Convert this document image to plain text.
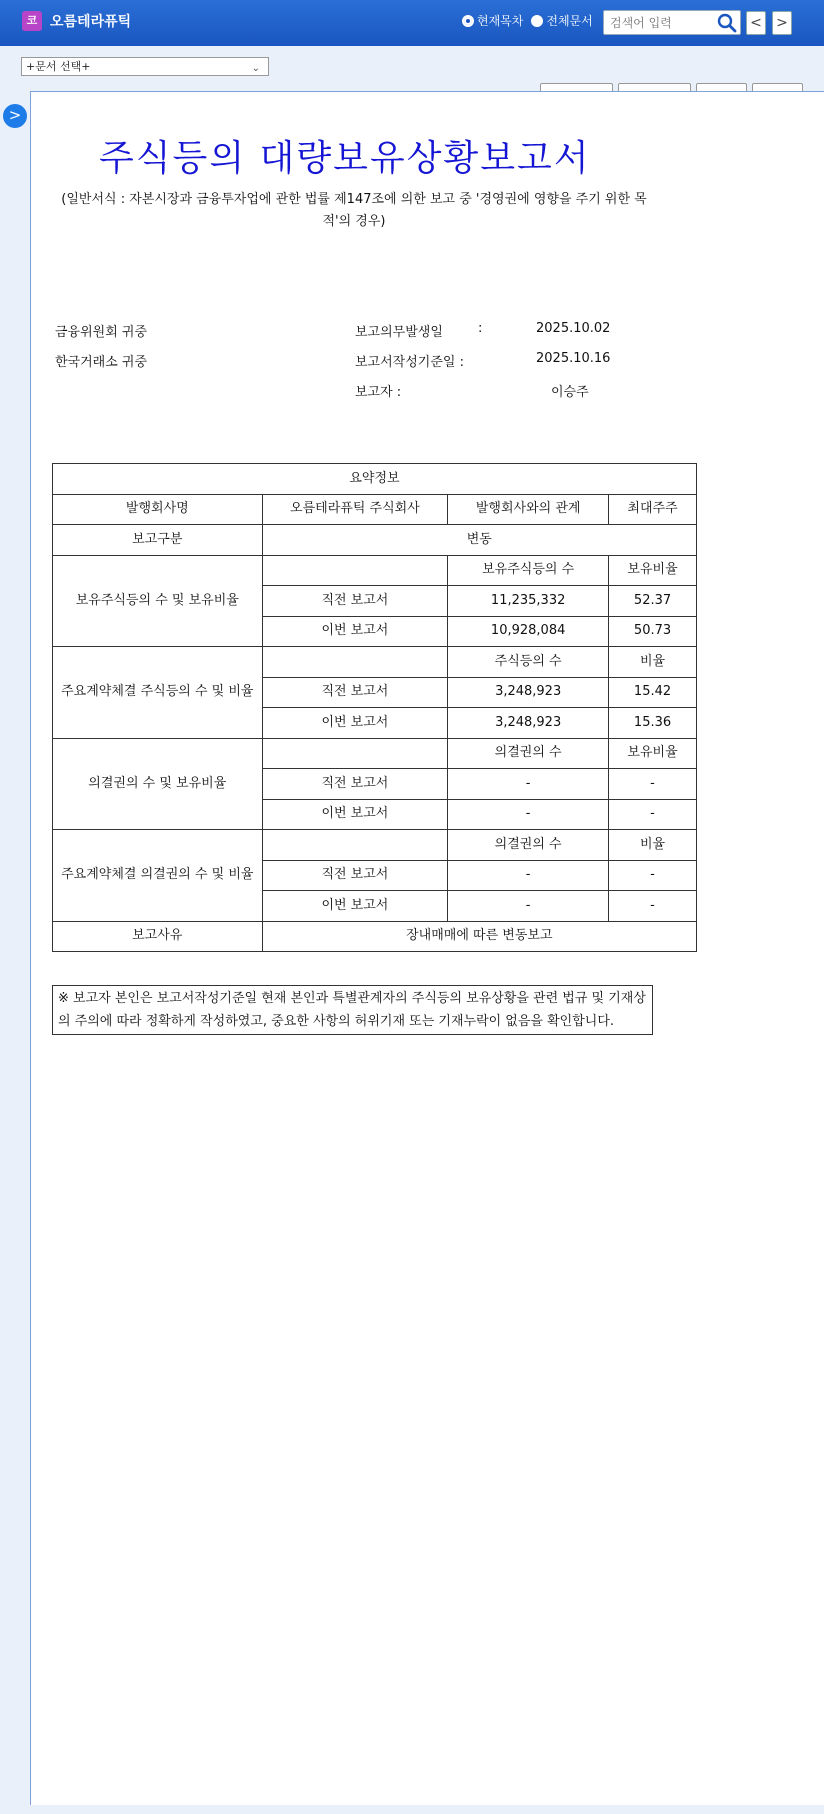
코 오름테라퓨틱	현재목차 전체문서
검색어 입력	< >
+문서 선택+	⌄
>
주식등의 대량보유상황보고서
(일반서식 : 자본시장과 금융투자업에 관한 법률 제147조에 의한 보고 중 '경영권에 영향을 주기 위한 목적'의 경우)
금융위원회 귀중
한국거래소 귀중
보고의무발생일	:	2025.10.02
보고서작성기준일 :	2025.10.16
보고자 :	이승주
요약정보			
발행회사명	오름테라퓨틱 주식회사	발행회사와의 관계	최대주주
보고구분	변동		
보유주식등의 수 및 보유비율		보유주식등의 수	보유비율
	직전 보고서	11,235,332	52.37
	이번 보고서	10,928,084	50.73
주요계약체결 주식등의 수 및 비율		주식등의 수	비율
	직전 보고서	3,248,923	15.42
	이번 보고서	3,248,923	15.36
의결권의 수 및 보유비율		의결권의 수	보유비율
	직전 보고서	-	-
	이번 보고서	-	-
주요계약체결 의결권의 수 및 비율		의결권의 수	비율
	직전 보고서	-	-
	이번 보고서	-	-
보고사유	장내매매에 따른 변동보고		
※ 보고자 본인은 보고서작성기준일 현재 본인과 특별관계자의 주식등의 보유상황을 관련 법규 및 기재상의 주의에 따라 정확하게 작성하였고, 중요한 사항의 허위기재 또는 기재누락이 없음을 확인합니다.
